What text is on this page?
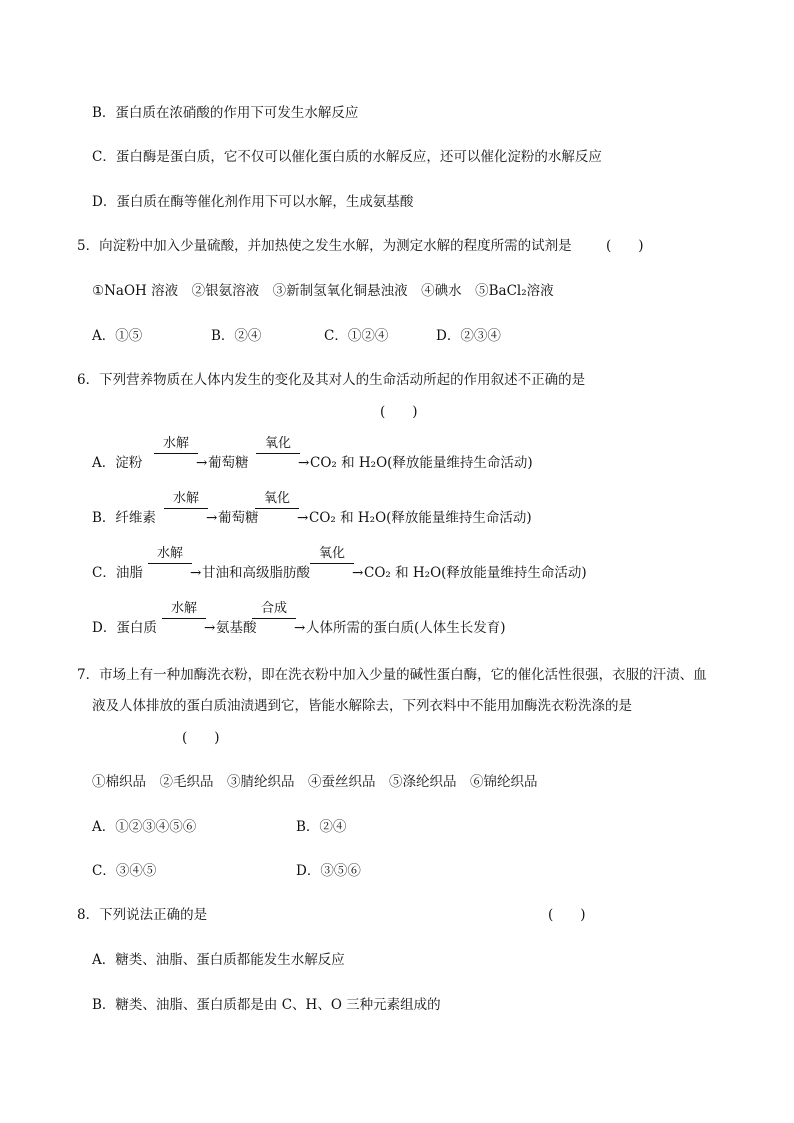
B．蛋白质在浓硝酸的作用下可发生水解反应
C．蛋白酶是蛋白质，它不仅可以催化蛋白质的水解反应，还可以催化淀粉的水解反应
D．蛋白质在酶等催化剂作用下可以水解，生成氨基酸
5．向淀粉中加入少量硫酸，并加热使之发生水解，为测定水解的程度所需的试剂是	(　　)
①NaOH 溶液　 ②银氨溶液　 ③新制氢氧化铜悬浊液　 ④碘水　 ⑤BaCl₂溶液
A．①⑤	B．②④	C．①②④	D．②③④
6．下列营养物质在人体内发生的变化及其对人的生命活动所起的作用叙述不正确的是
(　　)
A．淀粉
水解
→ 葡萄糖
氧化
→ CO₂ 和 H₂O(释放能量维持生命活动)
B．纤维素
水解
→ 葡萄糖
氧化
→ CO₂ 和 H₂O(释放能量维持生命活动)
C．油脂
水解
→ 甘油和高级脂肪酸
氧化
→ CO₂ 和 H₂O(释放能量维持生命活动)
D．蛋白质
水解
→ 氨基酸
合成
→ 人体所需的蛋白质(人体生长发育)
7．市场上有一种加酶洗衣粉，即在洗衣粉中加入少量的碱性蛋白酶，它的催化活性很强，衣服的汗渍、血
液及人体排放的蛋白质油渍遇到它，皆能水解除去，下列衣料中不能用加酶洗衣粉洗涤的是
(　　)
①棉织品　 ②毛织品　 ③腈纶织品　 ④蚕丝织品　 ⑤涤纶织品　 ⑥锦纶织品
A．①②③④⑤⑥	B．②④
C．③④⑤	D．③⑤⑥
8．下列说法正确的是	(　　)
A．糖类、油脂、蛋白质都能发生水解反应
B．糖类、油脂、蛋白质都是由 C、H、O 三种元素组成的
